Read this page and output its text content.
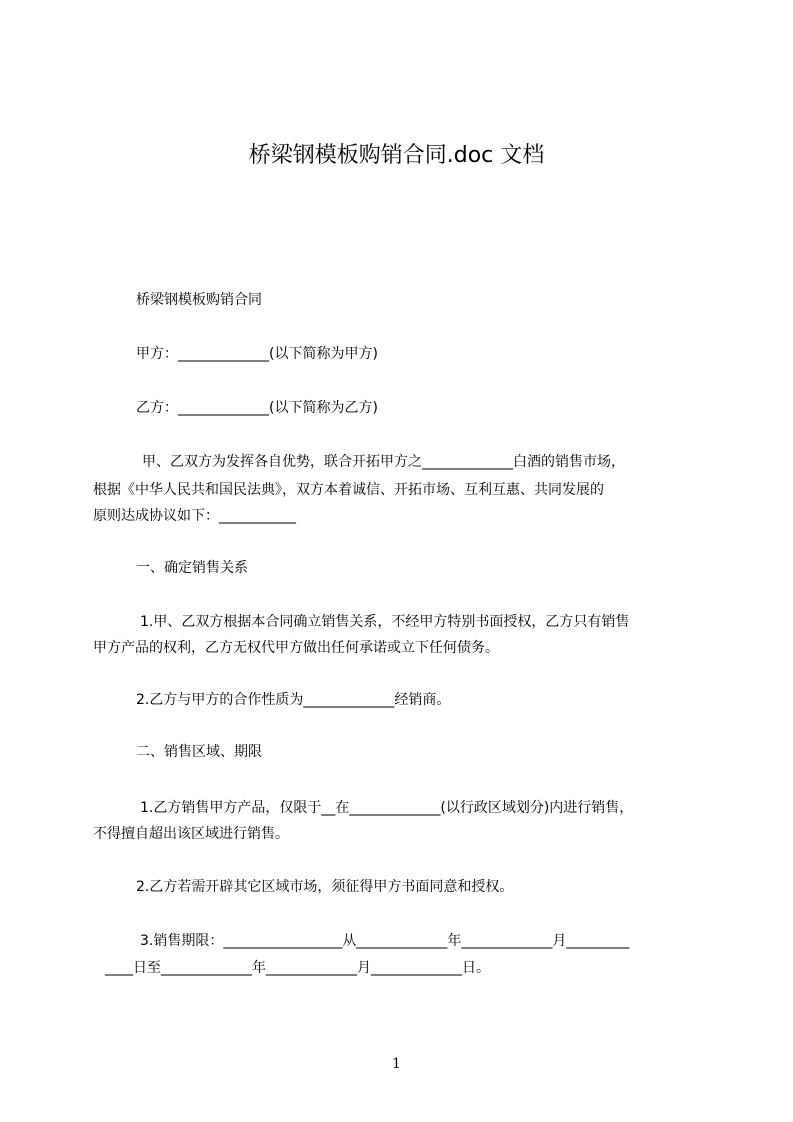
桥梁钢模板购销合同.doc 文档
桥梁钢模板购销合同
甲方：_____________(以下简称为甲方)
乙方：_____________(以下简称为乙方)
甲、乙双方为发挥各自优势，联合开拓甲方之_____________白酒的销售市场，
根据《中华人民共和国民法典》，双方本着诚信、开拓市场、互利互惠、共同发展的
原则达成协议如下：___________
一、确定销售关系
1.甲、乙双方根据本合同确立销售关系，不经甲方特别书面授权，乙方只有销售
甲方产品的权利，乙方无权代甲方做出任何承诺或立下任何债务。
2.乙方与甲方的合作性质为_____________经销商。
二、销售区域、期限
1.乙方销售甲方产品，仅限于__在_____________(以行政区域划分)内进行销售，
不得擅自超出该区域进行销售。
2.乙方若需开辟其它区域市场，须征得甲方书面同意和授权。
3.销售期限：_________________从_____________年_____________月_________
____日至_____________年_____________月_____________日。
1
